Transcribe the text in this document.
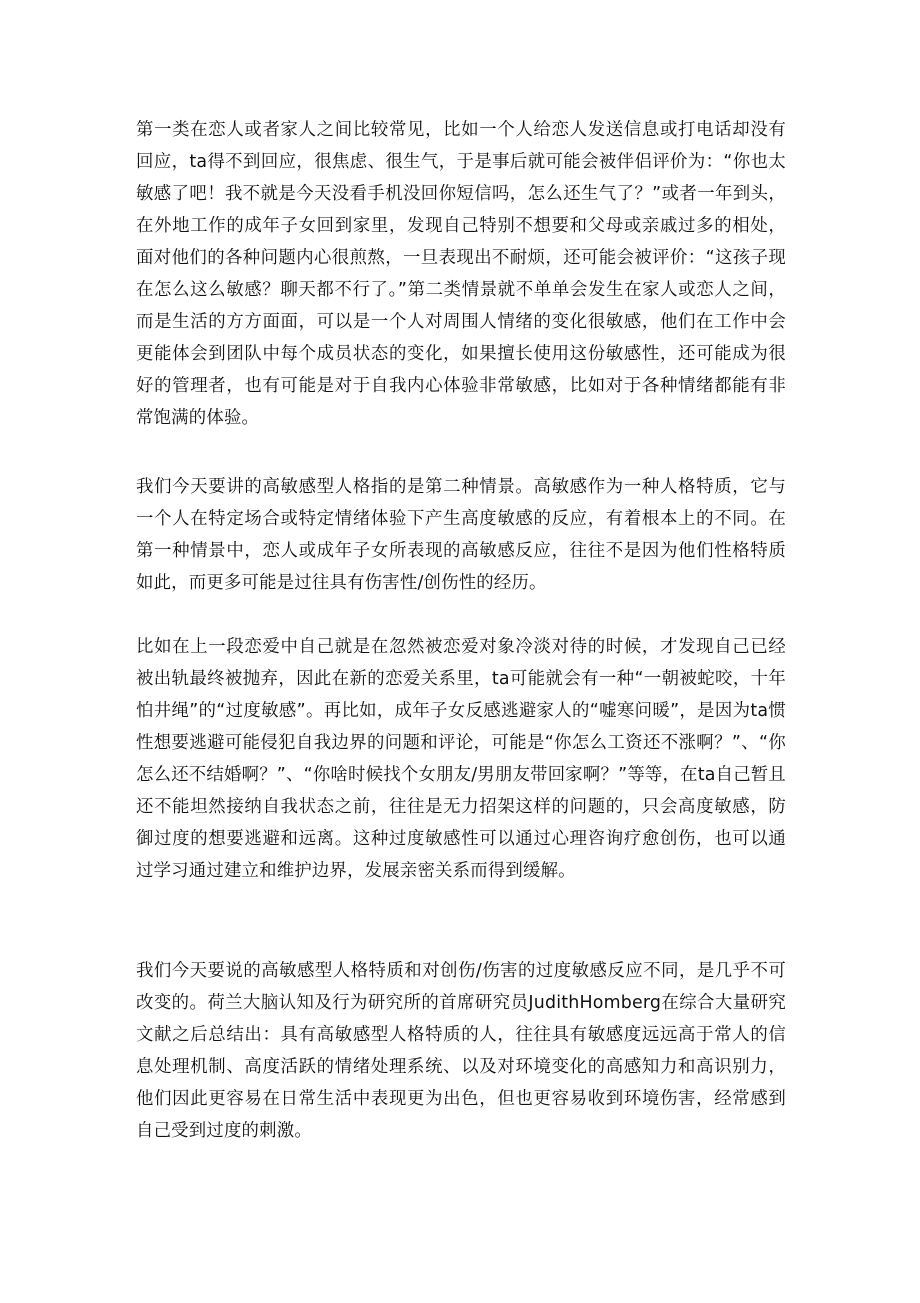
第一类在恋人或者家人之间比较常见，比如一个人给恋人发送信息或打电话却没有回应，ta得不到回应，很焦虑、很生气，于是事后就可能会被伴侣评价为：“你也太敏感了吧！我不就是今天没看手机没回你短信吗，怎么还生气了？”或者一年到头，在外地工作的成年子女回到家里，发现自己特别不想要和父母或亲戚过多的相处，面对他们的各种问题内心很煎熬，一旦表现出不耐烦，还可能会被评价：“这孩子现在怎么这么敏感？聊天都不行了。”第二类情景就不单单会发生在家人或恋人之间，而是生活的方方面面，可以是一个人对周围人情绪的变化很敏感，他们在工作中会更能体会到团队中每个成员状态的变化，如果擅长使用这份敏感性，还可能成为很好的管理者，也有可能是对于自我内心体验非常敏感，比如对于各种情绪都能有非常饱满的体验。

我们今天要讲的高敏感型人格指的是第二种情景。高敏感作为一种人格特质，它与一个人在特定场合或特定情绪体验下产生高度敏感的反应，有着根本上的不同。在第一种情景中，恋人或成年子女所表现的高敏感反应，往往不是因为他们性格特质如此，而更多可能是过往具有伤害性/创伤性的经历。

比如在上一段恋爱中自己就是在忽然被恋爱对象冷淡对待的时候，才发现自己已经被出轨最终被抛弃，因此在新的恋爱关系里，ta可能就会有一种“一朝被蛇咬，十年怕井绳”的“过度敏感”。再比如，成年子女反感逃避家人的“嘘寒问暖”，是因为ta惯性想要逃避可能侵犯自我边界的问题和评论，可能是“你怎么工资还不涨啊？”、“你怎么还不结婚啊？”、“你啥时候找个女朋友/男朋友带回家啊？”等等，在ta自己暂且还不能坦然接纳自我状态之前，往往是无力招架这样的问题的，只会高度敏感，防御过度的想要逃避和远离。这种过度敏感性可以通过心理咨询疗愈创伤，也可以通过学习通过建立和维护边界，发展亲密关系而得到缓解。

我们今天要说的高敏感型人格特质和对创伤/伤害的过度敏感反应不同，是几乎不可改变的。荷兰大脑认知及行为研究所的首席研究员JudithHomberg在综合大量研究文献之后总结出：具有高敏感型人格特质的人，往往具有敏感度远远高于常人的信息处理机制、高度活跃的情绪处理系统、以及对环境变化的高感知力和高识别力，他们因此更容易在日常生活中表现更为出色，但也更容易收到环境伤害，经常感到自己受到过度的刺激。
